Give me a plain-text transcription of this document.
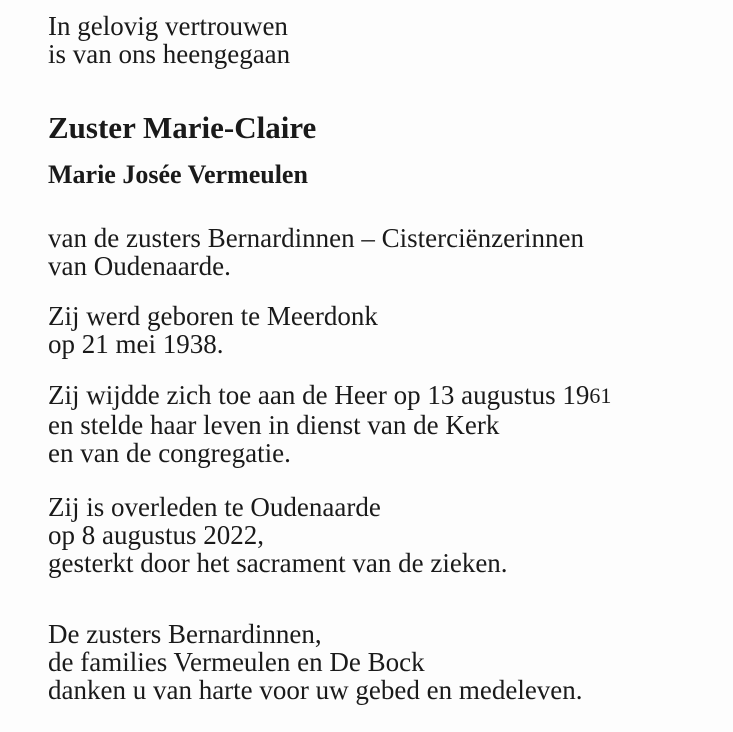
In gelovig vertrouwen
is van ons heengegaan
Zuster Marie-Claire
Marie Josée Vermeulen
van de zusters Bernardinnen – Cisterciënzerinnen
van Oudenaarde.
Zij werd geboren te Meerdonk
op 21 mei 1938.
Zij wijdde zich toe aan de Heer op 13 augustus 1961
en stelde haar leven in dienst van de Kerk
en van de congregatie.
Zij is overleden te Oudenaarde
op 8 augustus 2022,
gesterkt door het sacrament van de zieken.
De zusters Bernardinnen,
de families Vermeulen en De Bock
danken u van harte voor uw gebed en medeleven.
